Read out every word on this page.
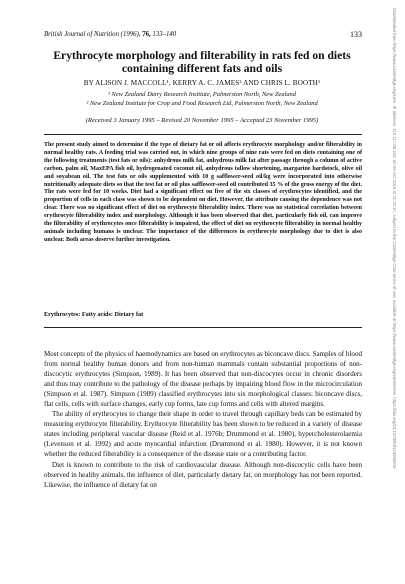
British Journal of Nutrition (1996), 76, 133–140	133
Erythrocyte morphology and filterability in rats fed on diets
containing different fats and oils
BY ALISON J. MACCOLL¹, KERRY A. C. JAMES² AND CHRIS L. BOOTH¹
¹ New Zealand Dairy Research Institute, Palmerston North, New Zealand
² New Zealand Institute for Crop and Food Research Ltd, Palmerston North, New Zealand
(Received 3 January 1995 – Revised 20 November 1995 – Accepted 23 November 1995)
The present study aimed to determine if the type of dietary fat or oil affects erythrocyte morphology and/or filterability in normal healthy rats. A feeding trial was carried out, in which nine groups of nine rats were fed on diets containing one of the following treatments (test fats or oils): anhydrous milk fat, anhydrous milk fat after passage through a column of active carbon, palm oil, MaxEPA fish oil, hydrogenated coconut oil, anhydrous tallow shortening, margarine hardstock, olive oil and soyabean oil. The test fats or oils supplemented with 10 g safflower-seed oil/kg were incorporated into otherwise nutritionally adequate diets so that the test fat or oil plus safflower-seed oil contributed 35 % of the gross energy of the diet. The rats were fed for 10 weeks. Diet had a significant effect on five of the six classes of erythrocytes identified, and the proportion of cells in each class was shown to be dependent on diet. However, the attribute causing the dependence was not clear. There was no significant effect of diet on erythrocyte filterability index. There was no statistical correlation between erythrocyte filterability index and morphology. Although it has been observed that diet, particularly fish oil, can improve the filterability of erythrocytes once filterability is impaired, the effect of diet on erythrocyte filterability in normal healthy animals including humans is unclear. The importance of the differences in erythrocyte morphology due to diet is also unclear. Both areas deserve further investigation.
Erythrocytes: Fatty acids: Dietary fat

Most concepts of the physics of haemodynamics are based on erythrocytes as biconcave discs. Samples of blood from normal healthy human donors and from non-human mammals contain substantial proportions of non-discocytic erythrocytes (Simpson, 1989). It has been observed that non-discocytes occur in chronic disorders and thus may contribute to the pathology of the disease perhaps by impairing blood flow in the microcirculation (Simpson et al. 1987). Simpson (1989) classified erythrocytes into six morphological classes: biconcave discs, flat cells, cells with surface changes, early cup forms, late cup forms and cells with altered margins.

The ability of erythrocytes to change their shape in order to travel through capillary beds can be estimated by measuring erythrocyte filterability. Erythrocyte filterability has been shown to be reduced in a variety of disease states including peripheral vascular disease (Reid et al. 1976b; Drummond et al. 1980), hypercholesterolaemia (Levenson et al. 1992) and acute myocardial infarction (Drummond et al. 1980). However, it is not known whether the reduced filterability is a consequence of the disease state or a contributing factor.

Diet is known to contribute to the risk of cardiovascular disease. Although non-discocytic cells have been observed in healthy animals, the influence of diet, particularly dietary fat, on morphology has not been reported. Likewise, the influence of dietary fat on

Downloaded from https://www.cambridge.org/core. IP address: 118.117.68.243, on 09 Oct 2019 at 21:32:47, subject to the Cambridge Core terms of use, available at https://www.cambridge.org/core/terms. https://doi.org/10.1079/BJN19960015
